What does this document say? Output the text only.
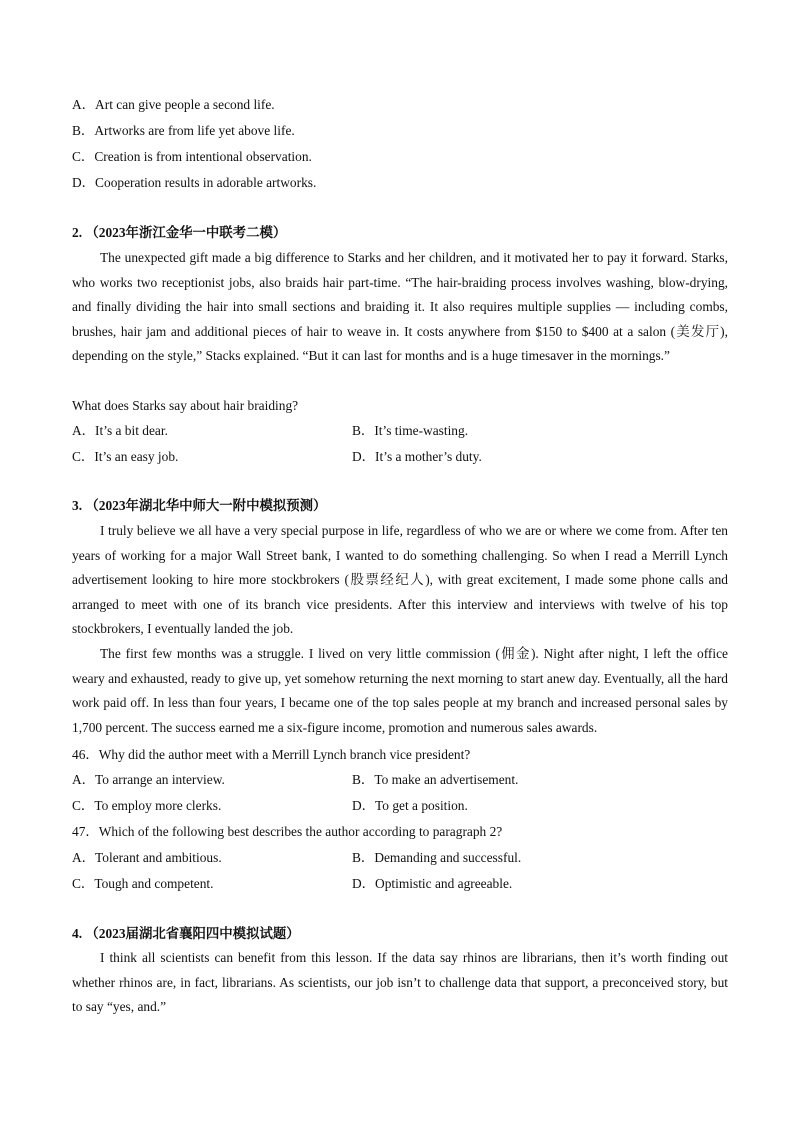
A．Art can give people a second life.
B．Artworks are from life yet above life.
C．Creation is from intentional observation.
D．Cooperation results in adorable artworks.
2. （2023年浙江金华一中联考二模）
The unexpected gift made a big difference to Starks and her children, and it motivated her to pay it forward. Starks, who works two receptionist jobs, also braids hair part-time. “The hair-braiding process involves washing, blow-drying, and finally dividing the hair into small sections and braiding it. It also requires multiple supplies — including combs, brushes, hair jam and additional pieces of hair to weave in. It costs anywhere from $150 to $400 at a salon (美发厅), depending on the style,” Stacks explained. “But it can last for months and is a huge timesaver in the mornings.”
What does Starks say about hair braiding?
A．It’s a bit dear.	B．It’s time-wasting.
C．It’s an easy job.	D．It’s a mother’s duty.
3. （2023年湖北华中师大一附中模拟预测）
I truly believe we all have a very special purpose in life, regardless of who we are or where we come from. After ten years of working for a major Wall Street bank, I wanted to do something challenging. So when I read a Merrill Lynch advertisement looking to hire more stockbrokers (股票经纪人), with great excitement, I made some phone calls and arranged to meet with one of its branch vice presidents. After this interview and interviews with twelve of his top stockbrokers, I eventually landed the job.
The first few months was a struggle. I lived on very little commission (佣金). Night after night, I left the office weary and exhausted, ready to give up, yet somehow returning the next morning to start anew day. Eventually, all the hard work paid off. In less than four years, I became one of the top sales people at my branch and increased personal sales by 1,700 percent. The success earned me a six-figure income, promotion and numerous sales awards.
46．Why did the author meet with a Merrill Lynch branch vice president?
A．To arrange an interview.	B．To make an advertisement.
C．To employ more clerks.	D．To get a position.
47．Which of the following best describes the author according to paragraph 2?
A．Tolerant and ambitious.	B．Demanding and successful.
C．Tough and competent.	D．Optimistic and agreeable.
4. （2023届湖北省襄阳四中模拟试题）
I think all scientists can benefit from this lesson. If the data say rhinos are librarians, then it’s worth finding out whether rhinos are, in fact, librarians. As scientists, our job isn’t to challenge data that support, a preconceived story, but to say “yes, and.”
